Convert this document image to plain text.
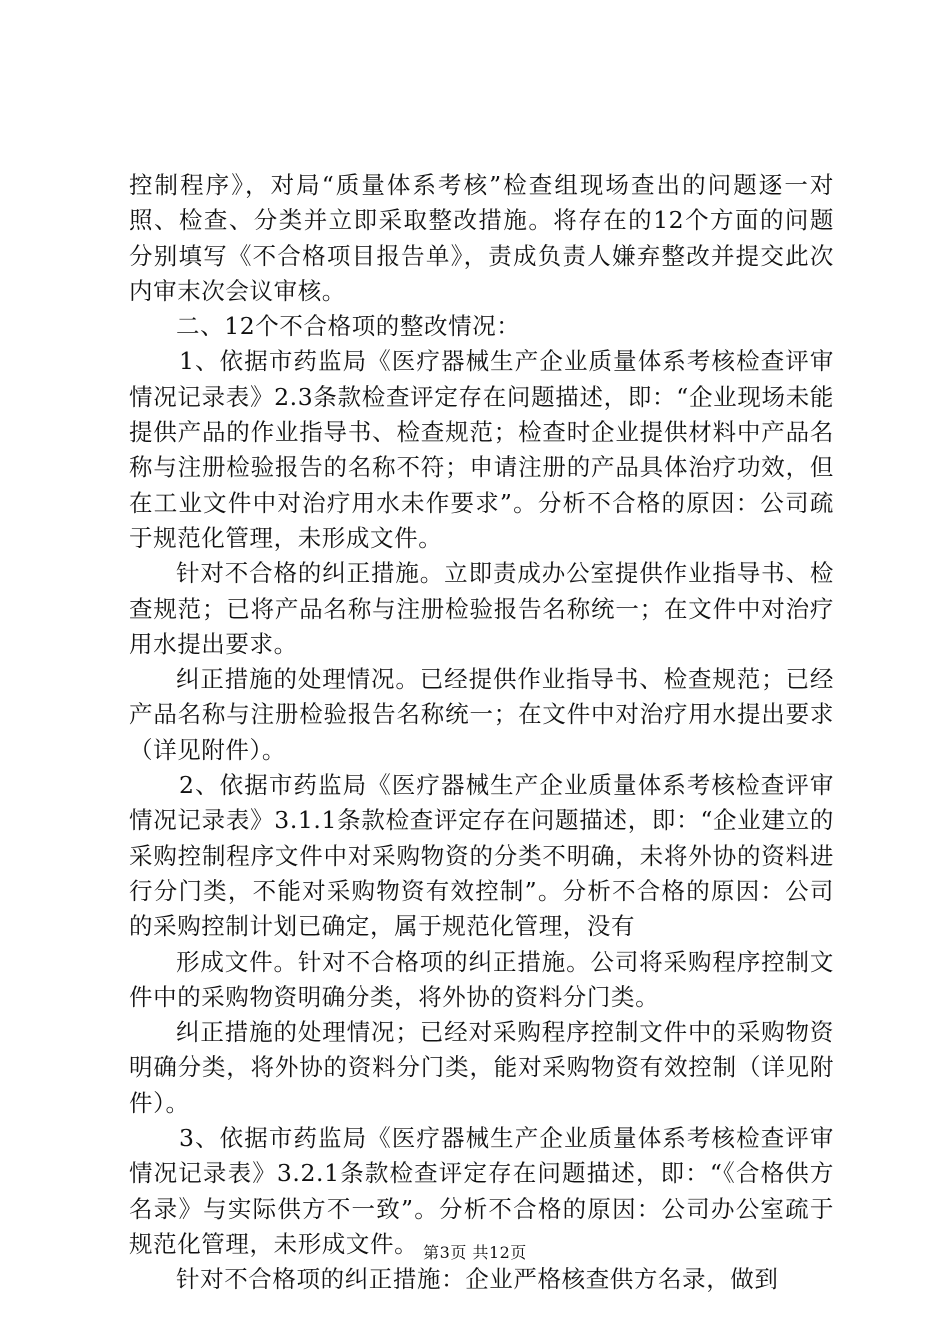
控制程序》，对局“质量体系考核”检查组现场查出的问题逐一对照、检查、分类并立即采取整改措施。将存在的12个方面的问题分别填写《不合格项目报告单》，责成负责人嫌弃整改并提交此次内审末次会议审核。

二、12个不合格项的整改情况：

1、依据市药监局《医疗器械生产企业质量体系考核检查评审情况记录表》2.3条款检查评定存在问题描述，即：“企业现场未能提供产品的作业指导书、检查规范；检查时企业提供材料中产品名称与注册检验报告的名称不符；申请注册的产品具体治疗功效，但在工业文件中对治疗用水未作要求”。分析不合格的原因：公司疏于规范化管理，未形成文件。

针对不合格的纠正措施。立即责成办公室提供作业指导书、检查规范；已将产品名称与注册检验报告名称统一；在文件中对治疗用水提出要求。

纠正措施的处理情况。已经提供作业指导书、检查规范；已经产品名称与注册检验报告名称统一；在文件中对治疗用水提出要求（详见附件）。

2、依据市药监局《医疗器械生产企业质量体系考核检查评审情况记录表》3.1.1条款检查评定存在问题描述，即：“企业建立的采购控制程序文件中对采购物资的分类不明确，未将外协的资料进行分门类，不能对采购物资有效控制”。分析不合格的原因：公司的采购控制计划已确定，属于规范化管理，没有

形成文件。针对不合格项的纠正措施。公司将采购程序控制文件中的采购物资明确分类，将外协的资料分门类。

纠正措施的处理情况；已经对采购程序控制文件中的采购物资明确分类，将外协的资料分门类，能对采购物资有效控制（详见附件）。

3、依据市药监局《医疗器械生产企业质量体系考核检查评审情况记录表》3.2.1条款检查评定存在问题描述，即：“《合格供方名录》与实际供方不一致”。分析不合格的原因：公司办公室疏于规范化管理，未形成文件。

针对不合格项的纠正措施：企业严格核查供方名录，做到

第3页 共12页
